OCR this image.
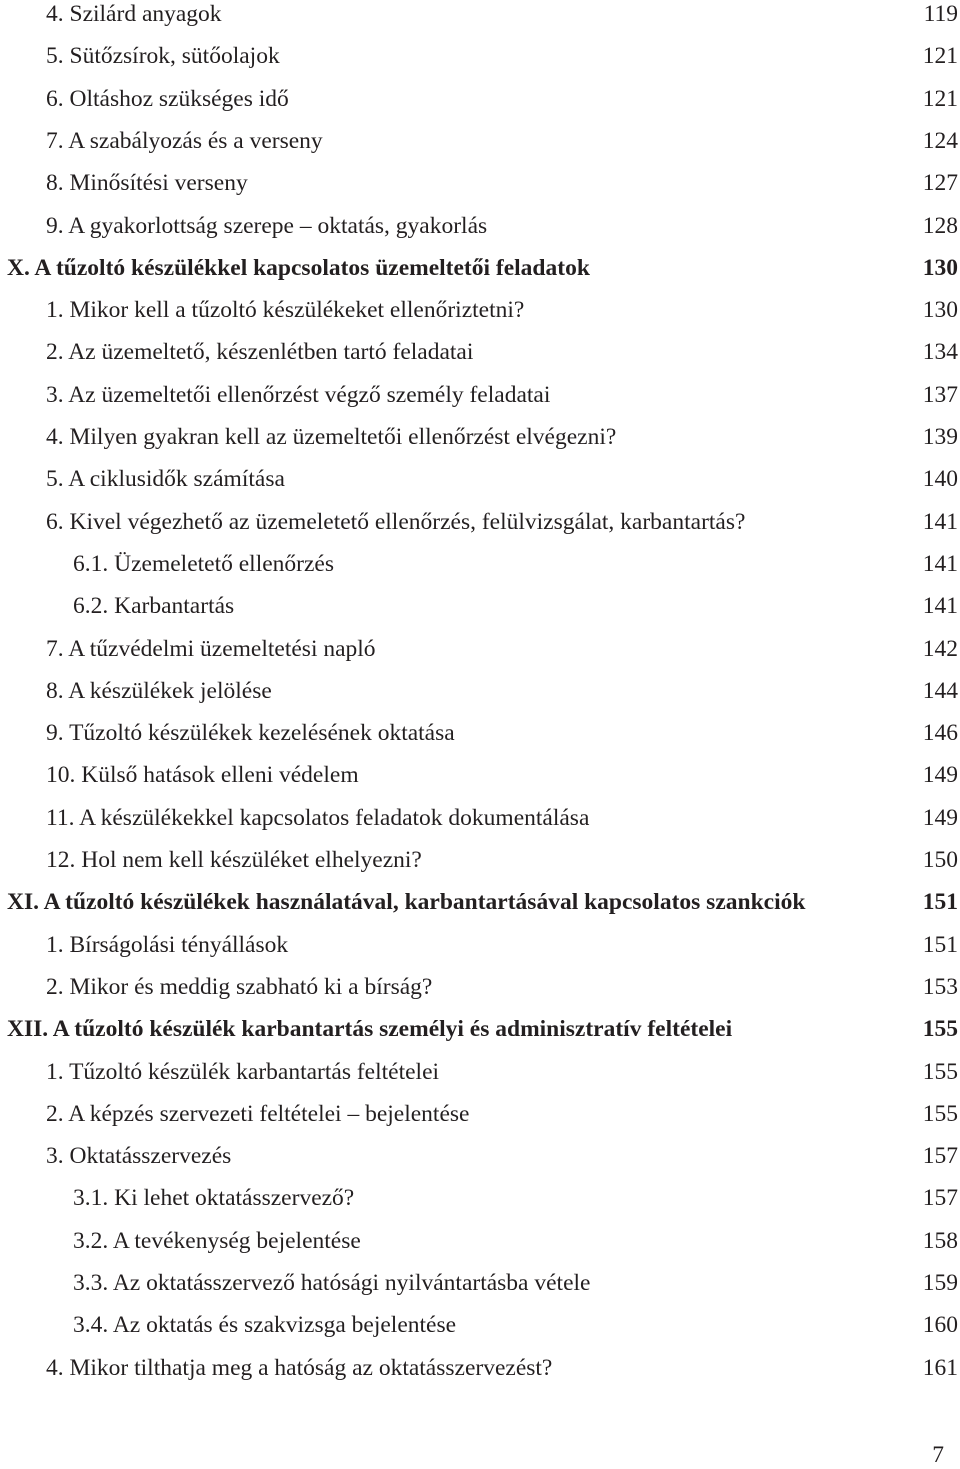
4. Szilárd anyagok	119
5. Sütőzsírok, sütőolajok	121
6. Oltáshoz szükséges idő	121
7. A szabályozás és a verseny	124
8. Minősítési verseny	127
9. A gyakorlottság szerepe – oktatás, gyakorlás	128
X. A tűzoltó készülékkel kapcsolatos üzemeltetői feladatok	130
1. Mikor kell a tűzoltó készülékeket ellenőriztetni?	130
2. Az üzemeltető, készenlétben tartó feladatai	134
3. Az üzemeltetői ellenőrzést végző személy feladatai	137
4. Milyen gyakran kell az üzemeltetői ellenőrzést elvégezni?	139
5. A ciklusidők számítása	140
6. Kivel végezhető az üzemeletető ellenőrzés, felülvizsgálat, karbantartás?	141
6.1. Üzemeletető ellenőrzés	141
6.2. Karbantartás	141
7. A tűzvédelmi üzemeltetési napló	142
8. A készülékek jelölése	144
9. Tűzoltó készülékek kezelésének oktatása	146
10. Külső hatások elleni védelem	149
11. A készülékekkel kapcsolatos feladatok dokumentálása	149
12. Hol nem kell készüléket elhelyezni?	150
XI. A tűzoltó készülékek használatával, karbantartásával kapcsolatos szankciók	151
1. Bírságolási tényállások	151
2. Mikor és meddig szabható ki a bírság?	153
XII. A tűzoltó készülék karbantartás személyi és adminisztratív feltételei	155
1. Tűzoltó készülék karbantartás feltételei	155
2. A képzés szervezeti feltételei – bejelentése	155
3. Oktatásszervezés	157
3.1. Ki lehet oktatásszervező?	157
3.2. A tevékenység bejelentése	158
3.3. Az oktatásszervező hatósági nyilvántartásba vétele	159
3.4. Az oktatás és szakvizsga bejelentése	160
4. Mikor tilthatja meg a hatóság az oktatásszervezést?	161
7
